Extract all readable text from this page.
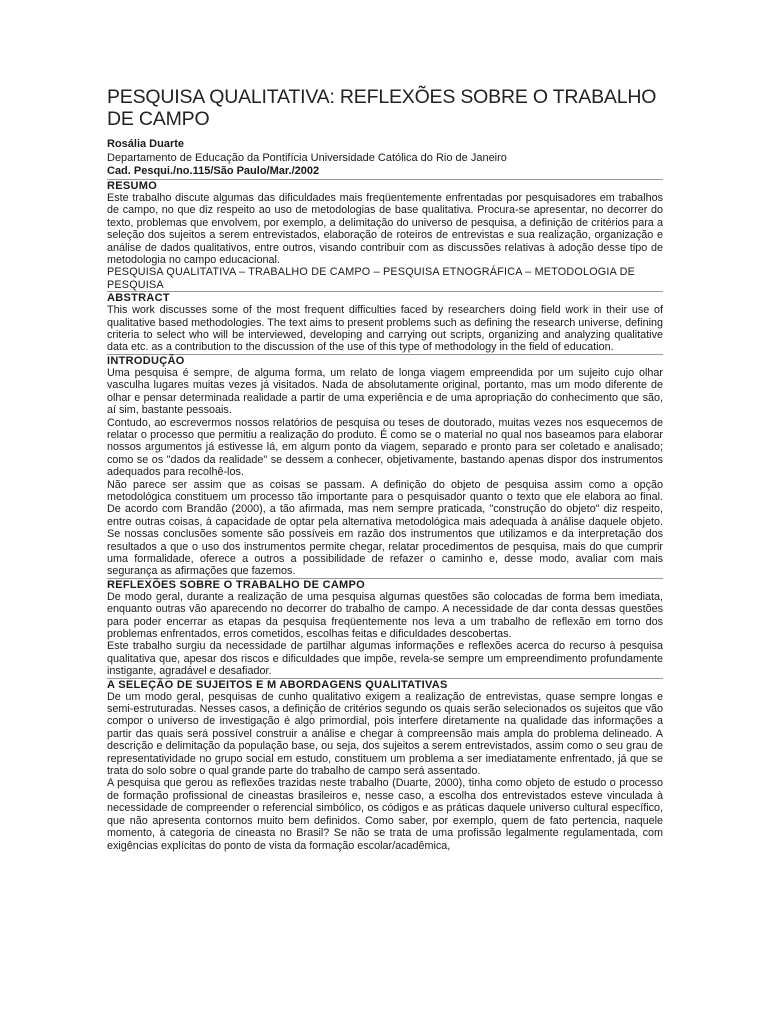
PESQUISA QUALITATIVA: REFLEXÕES SOBRE O TRABALHO DE CAMPO

Rosália Duarte

Departamento de Educação da Pontifícia Universidade Católica do Rio de Janeiro

Cad. Pesqui./no.115/São Paulo/Mar./2002

RESUMO

Este trabalho discute algumas das dificuldades mais freqüentemente enfrentadas por pesquisadores em trabalhos de campo, no que diz respeito ao uso de metodologias de base qualitativa. Procura-se apresentar, no decorrer do texto, problemas que envolvem, por exemplo, a delimitação do universo de pesquisa, a definição de critérios para a seleção dos sujeitos a serem entrevistados, elaboração de roteiros de entrevistas e sua realização, organização e análise de dados qualitativos, entre outros, visando contribuir com as discussões relativas à adoção desse tipo de metodologia no campo educacional.

PESQUISA QUALITATIVA – TRABALHO DE CAMPO – PESQUISA ETNOGRÁFICA – METODOLOGIA DE PESQUISA

ABSTRACT

This work discusses some of the most frequent difficulties faced by researchers doing field work in their use of qualitative based methodologies. The text aims to present problems such as defining the research universe, defining criteria to select who will be interviewed, developing and carrying out scripts, organizing and analyzing qualitative data etc. as a contribution to the discussion of the use of this type of methodology in the field of education.

INTRODUÇÃO

Uma pesquisa é sempre, de alguma forma, um relato de longa viagem empreendida por um sujeito cujo olhar vasculha lugares muitas vezes já visitados. Nada de absolutamente original, portanto, mas um modo diferente de olhar e pensar determinada realidade a partir de uma experiência e de uma apropriação do conhecimento que são, aí sim, bastante pessoais.

Contudo, ao escrevermos nossos relatórios de pesquisa ou teses de doutorado, muitas vezes nos esquecemos de relatar o processo que permitiu a realização do produto. É como se o material no qual nos baseamos para elaborar nossos argumentos já estivesse lá, em algum ponto da viagem, separado e pronto para ser coletado e analisado; como se os "dados da realidade" se dessem a conhecer, objetivamente, bastando apenas dispor dos instrumentos adequados para recolhê-los.

Não parece ser assim que as coisas se passam. A definição do objeto de pesquisa assim como a opção metodológica constituem um processo tão importante para o pesquisador quanto o texto que ele elabora ao final. De acordo com Brandão (2000), a tão afirmada, mas nem sempre praticada, "construção do objeto" diz respeito, entre outras coisas, à capacidade de optar pela alternativa metodológica mais adequada à análise daquele objeto. Se nossas conclusões somente são possíveis em razão dos instrumentos que utilizamos e da interpretação dos resultados a que o uso dos instrumentos permite chegar, relatar procedimentos de pesquisa, mais do que cumprir uma formalidade, oferece a outros a possibilidade de refazer o caminho e, desse modo, avaliar com mais segurança as afirmações que fazemos.

REFLEXÕES SOBRE O TRABALHO DE CAMPO

De modo geral, durante a realização de uma pesquisa algumas questões são colocadas de forma bem imediata, enquanto outras vão aparecendo no decorrer do trabalho de campo. A necessidade de dar conta dessas questões para poder encerrar as etapas da pesquisa freqüentemente nos leva a um trabalho de reflexão em torno dos problemas enfrentados, erros cometidos, escolhas feitas e dificuldades descobertas.

Este trabalho surgiu da necessidade de partilhar algumas informações e reflexões acerca do recurso à pesquisa qualitativa que, apesar dos riscos e dificuldades que impõe, revela-se sempre um empreendimento profundamente instigante, agradável e desafiador.

A SELEÇÃO DE SUJEITOS E M ABORDAGENS QUALITATIVAS

De um modo geral, pesquisas de cunho qualitativo exigem a realização de entrevistas, quase sempre longas e semi-estruturadas. Nesses casos, a definição de critérios segundo os quais serão selecionados os sujeitos que vão compor o universo de investigação é algo primordial, pois interfere diretamente na qualidade das informações a partir das quais será possível construir a análise e chegar à compreensão mais ampla do problema delineado. A descrição e delimitação da população base, ou seja, dos sujeitos a serem entrevistados, assim como o seu grau de representatividade no grupo social em estudo, constituem um problema a ser imediatamente enfrentado, já que se trata do solo sobre o qual grande parte do trabalho de campo será assentado.

A pesquisa que gerou as reflexões trazidas neste trabalho (Duarte, 2000), tinha como objeto de estudo o processo de formação profissional de cineastas brasileiros e, nesse caso, a escolha dos entrevistados esteve vinculada à necessidade de compreender o referencial simbólico, os códigos e as práticas daquele universo cultural específico, que não apresenta contornos muito bem definidos. Como saber, por exemplo, quem de fato pertencia, naquele momento, à categoria de cineasta no Brasil? Se não se trata de uma profissão legalmente regulamentada, com exigências explícitas do ponto de vista da formação escolar/acadêmica,
